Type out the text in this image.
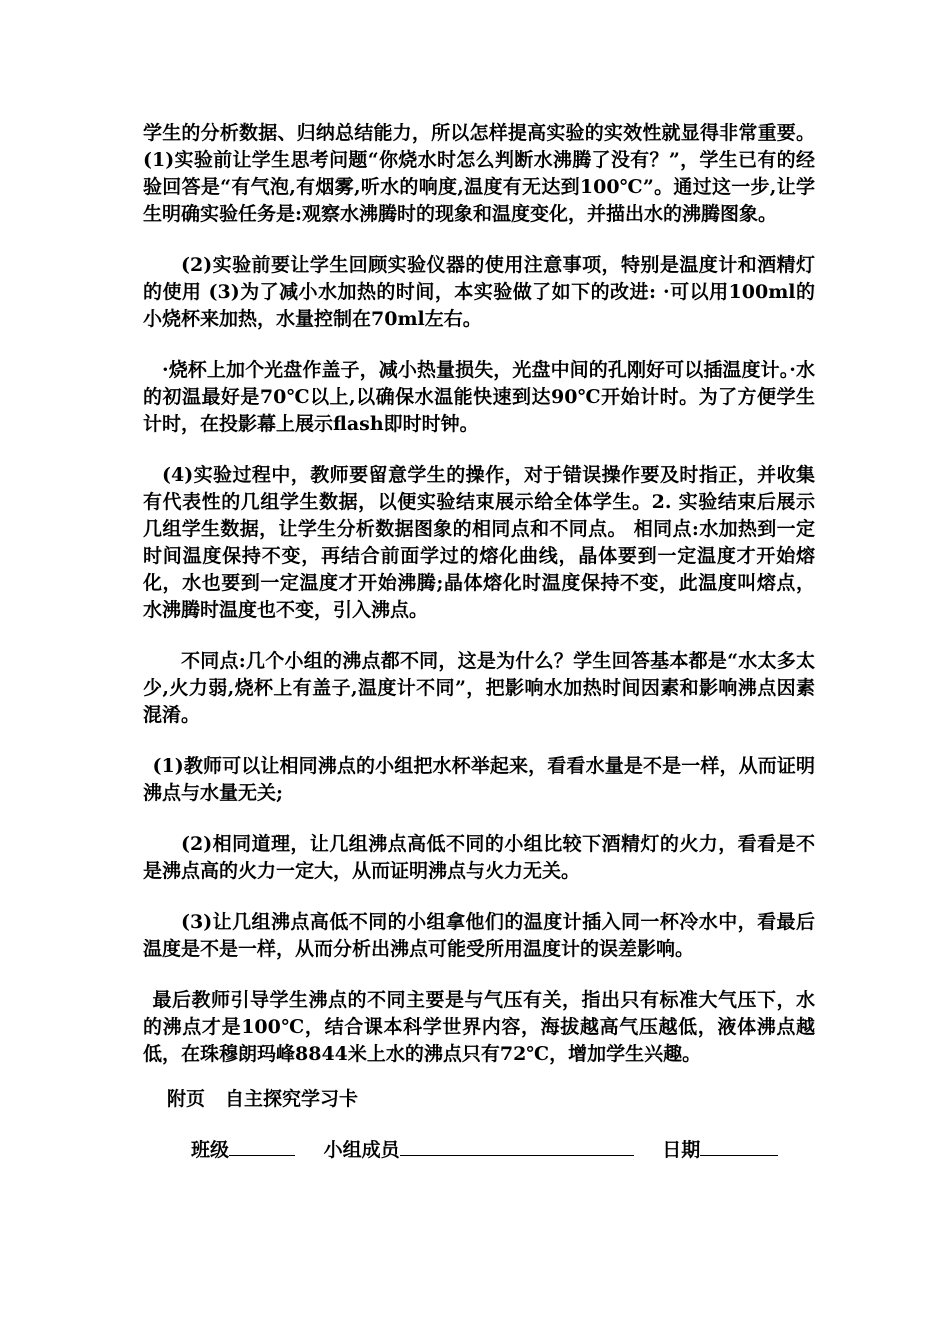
学生的分析数据、归纳总结能力，所以怎样提高实验的实效性就显得非常重要。(1)实验前让学生思考问题“你烧水时怎么判断水沸腾了没有？”，学生已有的经验回答是“有气泡,有烟雾,听水的响度,温度有无达到100℃”。通过这一步,让学生明确实验任务是:观察水沸腾时的现象和温度变化，并描出水的沸腾图象。

(2)实验前要让学生回顾实验仪器的使用注意事项，特别是温度计和酒精灯的使用 (3)为了减小水加热的时间，本实验做了如下的改进: ·可以用100ml的小烧杯来加热，水量控制在70ml左右。

·烧杯上加个光盘作盖子，减小热量损失，光盘中间的孔刚好可以插温度计。·水的初温最好是70℃以上,以确保水温能快速到达90℃开始计时。为了方便学生计时，在投影幕上展示flash即时时钟。

(4)实验过程中，教师要留意学生的操作，对于错误操作要及时指正，并收集有代表性的几组学生数据，以便实验结束展示给全体学生。2. 实验结束后展示几组学生数据，让学生分析数据图象的相同点和不同点。 相同点:水加热到一定时间温度保持不变，再结合前面学过的熔化曲线，晶体要到一定温度才开始熔化，水也要到一定温度才开始沸腾;晶体熔化时温度保持不变，此温度叫熔点，水沸腾时温度也不变，引入沸点。

不同点:几个小组的沸点都不同，这是为什么？学生回答基本都是“水太多太少,火力弱,烧杯上有盖子,温度计不同”，把影响水加热时间因素和影响沸点因素混淆。

(1)教师可以让相同沸点的小组把水杯举起来，看看水量是不是一样，从而证明沸点与水量无关;

(2)相同道理，让几组沸点高低不同的小组比较下酒精灯的火力，看看是不是沸点高的火力一定大，从而证明沸点与火力无关。

(3)让几组沸点高低不同的小组拿他们的温度计插入同一杯冷水中，看最后温度是不是一样，从而分析出沸点可能受所用温度计的误差影响。

最后教师引导学生沸点的不同主要是与气压有关，指出只有标准大气压下，水的沸点才是100℃，结合课本科学世界内容，海拔越高气压越低，液体沸点越低，在珠穆朗玛峰8844米上水的沸点只有72℃，增加学生兴趣。

附页 自主探究学习卡
班级	小组成员	日期
